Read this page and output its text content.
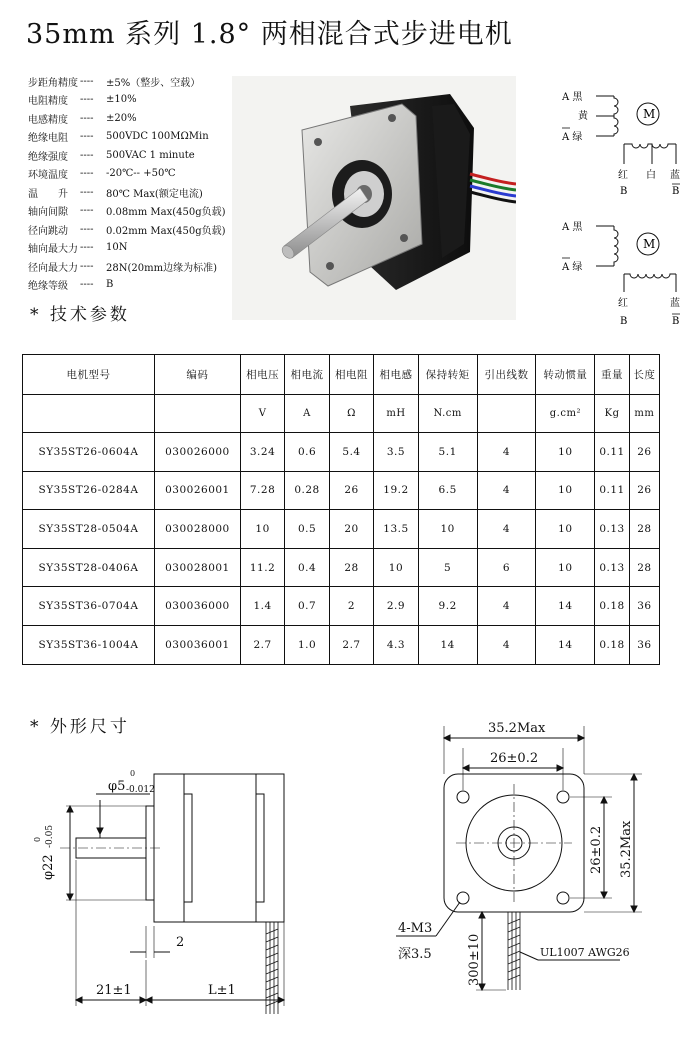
35mm 系列 1.8° 两相混合式步进电机
步距角精度 ----	±5%（整步、空载）
电阻精度	----	±10%
电感精度	----	±20%
绝缘电阻	----	500VDC 100MΩMin
绝缘强度	----	500VAC 1 minute
环境温度	----	-20℃-- +50℃
温　　升	----	80℃ Max(额定电流)
轴向间隙	----	0.08mm Max(450g负载)
径向跳动	----	0.02mm Max(450g负载)
轴向最大力 ----	10N
径向最大力 ----	28N(20mm边缘为标准)
绝缘等级	----	B
* 技术参数
A 黑
黄
A 绿
M
红 白 蓝
B	B
A 黑
A 绿
M
红	蓝
B	B
电机型号	编码	相电压	相电流	相电阻	相电感	保持转矩	引出线数	转动惯量	重量	长度
		V	A	Ω	mH	N.cm		g.cm²	Kg	mm
SY35ST26-0604A	030026000	3.24	0.6	5.4	3.5	5.1	4	10	0.11	26
SY35ST26-0284A	030026001	7.28	0.28	26	19.2	6.5	4	10	0.11	26
SY35ST28-0504A	030028000	10	0.5	20	13.5	10	4	10	0.13	28
SY35ST28-0406A	030028001	11.2	0.4	28	10	5	6	10	0.13	28
SY35ST36-0704A	030036000	1.4	0.7	2	2.9	9.2	4	14	0.18	36
SY35ST36-1004A	030036001	2.7	1.0	2.7	4.3	14	4	14	0.18	36
* 外形尺寸
φ5
0
-0.012
φ22
0 -0.05
2
21±1	L±1
35.2Max
26±0.2
26±0.2 35.2Max
4-M3
深3.5	300±10	UL1007 AWG26
